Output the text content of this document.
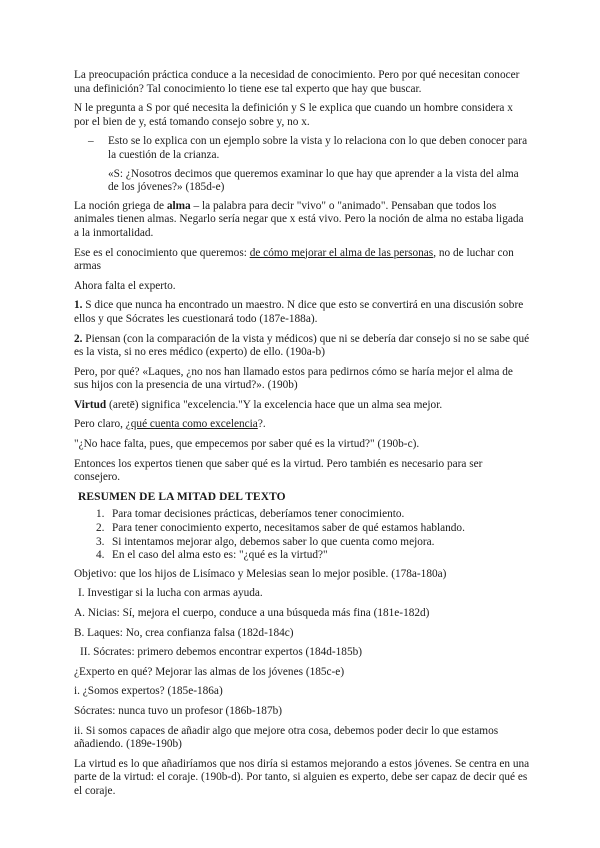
La preocupación práctica conduce a la necesidad de conocimiento. Pero por qué necesitan conocer una definición? Tal conocimiento lo tiene ese tal experto que hay que buscar.

N le pregunta a S por qué necesita la definición y S le explica que cuando un hombre considera x por el bien de y, está tomando consejo sobre y, no x.

– Esto se lo explica con un ejemplo sobre la vista y lo relaciona con lo que deben conocer para la cuestión de la crianza.

«S: ¿Nosotros decimos que queremos examinar lo que hay que aprender a la vista del alma de los jóvenes?» (185d-e)

La noción griega de alma – la palabra para decir "vivo" o "animado". Pensaban que todos los animales tienen almas. Negarlo sería negar que x está vivo. Pero la noción de alma no estaba ligada a la inmortalidad.

Ese es el conocimiento que queremos: de cómo mejorar el alma de las personas, no de luchar con armas

Ahora falta el experto.

1. S dice que nunca ha encontrado un maestro. N dice que esto se convertirá en una discusión sobre ellos y que Sócrates les cuestionará todo (187e-188a).

2. Piensan (con la comparación de la vista y médicos) que ni se debería dar consejo si no se sabe qué es la vista, si no eres médico (experto) de ello. (190a-b)

Pero, por qué? «Laques, ¿no nos han llamado estos para pedirnos cómo se haría mejor el alma de sus hijos con la presencia de una virtud?». (190b)

Virtud (aretē) significa "excelencia."Y la excelencia hace que un alma sea mejor.

Pero claro, ¿qué cuenta como excelencia?.

"¿No hace falta, pues, que empecemos por saber qué es la virtud?" (190b-c).

Entonces los expertos tienen que saber qué es la virtud. Pero también es necesario para ser consejero.

RESUMEN DE LA MITAD DEL TEXTO
1. Para tomar decisiones prácticas, deberíamos tener conocimiento.
2. Para tener conocimiento experto, necesitamos saber de qué estamos hablando.
3. Si intentamos mejorar algo, debemos saber lo que cuenta como mejora.
4. En el caso del alma esto es: "¿qué es la virtud?"

Objetivo: que los hijos de Lisímaco y Melesias sean lo mejor posible. (178a-180a)

I. Investigar si la lucha con armas ayuda.

A. Nicias: Sí, mejora el cuerpo, conduce a una búsqueda más fina (181e-182d)

B. Laques: No, crea confianza falsa (182d-184c)

II. Sócrates: primero debemos encontrar expertos (184d-185b)

¿Experto en qué? Mejorar las almas de los jóvenes (185c-e)

i. ¿Somos expertos? (185e-186a)

Sócrates: nunca tuvo un profesor (186b-187b)

ii. Si somos capaces de añadir algo que mejore otra cosa, debemos poder decir lo que estamos añadiendo. (189e-190b)

La virtud es lo que añadiríamos que nos diría si estamos mejorando a estos jóvenes. Se centra en una parte de la virtud: el coraje. (190b-d). Por tanto, si alguien es experto, debe ser capaz de decir qué es el coraje.
